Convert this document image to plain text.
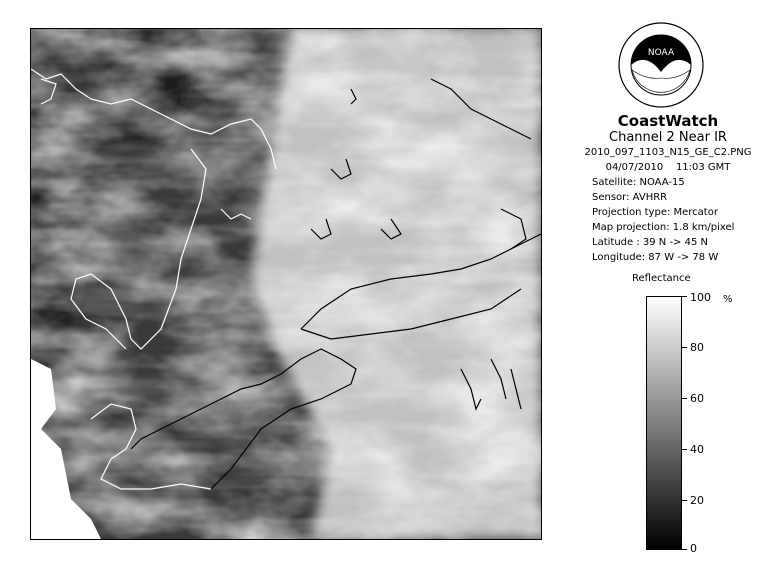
NOAA
CoastWatch
Channel 2 Near IR
2010_097_1103_N15_GE_C2.PNG
04/07/2010 11:03 GMT
Satellite: NOAA-15
Sensor: AVHRR
Projection type: Mercator
Map projection: 1.8 km/pixel
Latitude : 39 N -> 45 N
Longitude: 87 W -> 78 W
Reflectance
%
100
80
60
40
20
0
